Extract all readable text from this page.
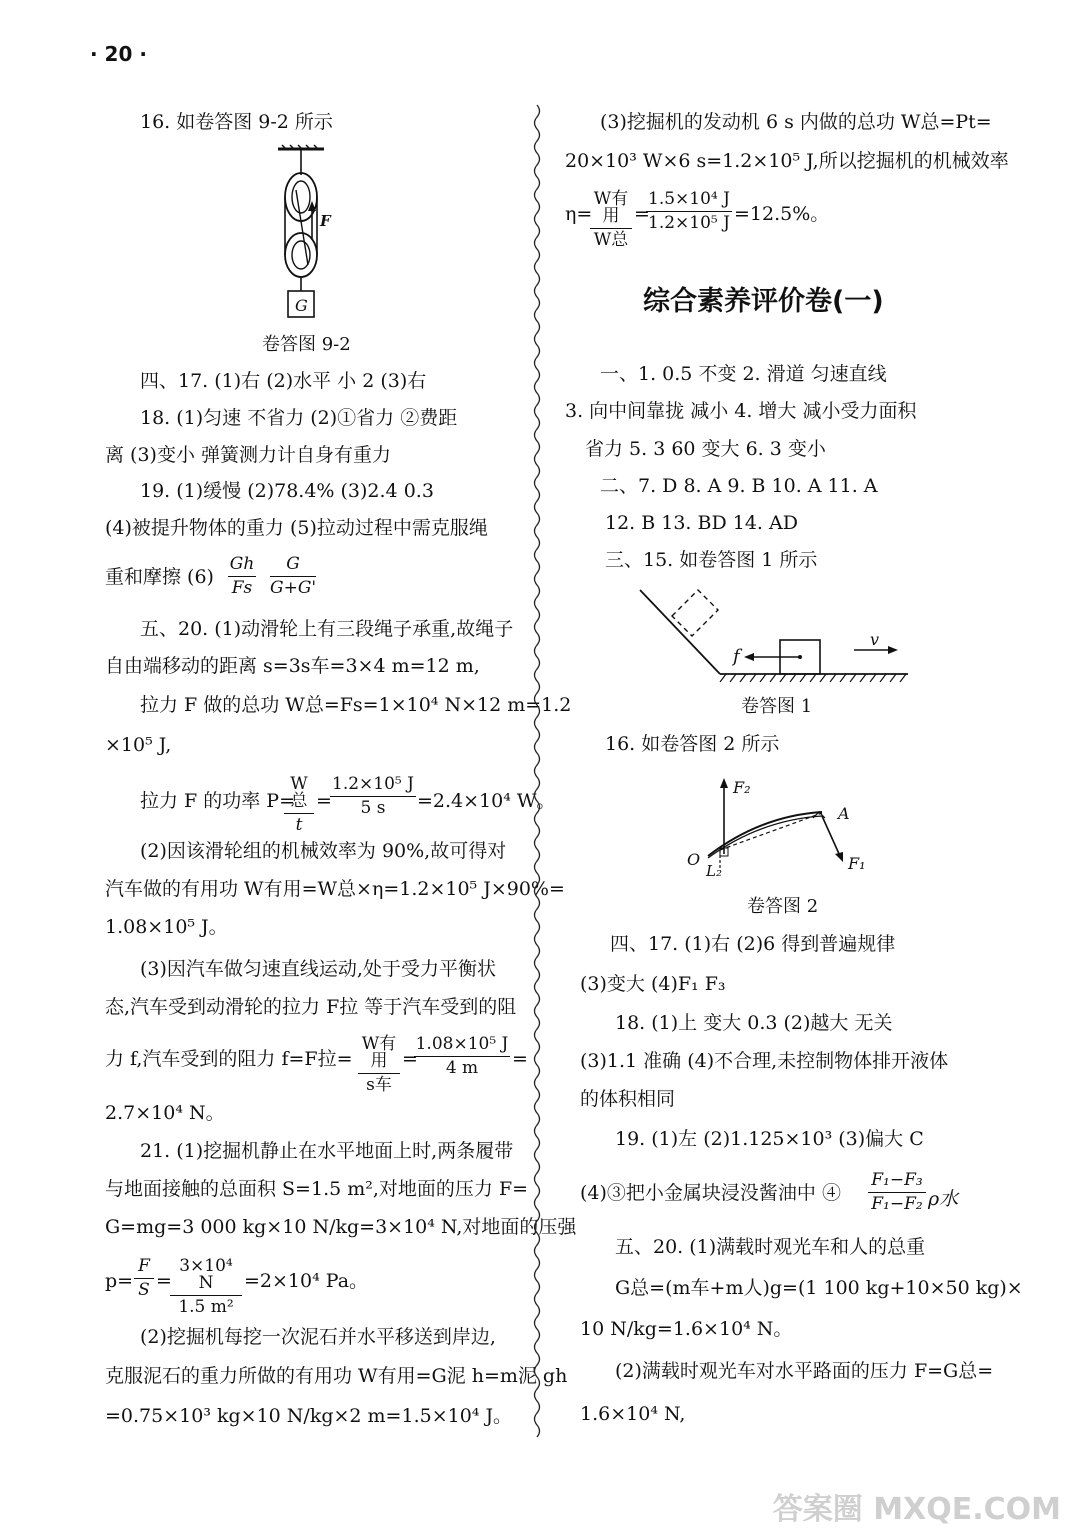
· 20 ·
16. 如卷答图 9-2 所示
F
G
卷答图 9-2
四、17. (1)右 (2)水平 小 2 (3)右
18. (1)匀速 不省力 (2)①省力 ②费距
离 (3)变小 弹簧测力计自身有重力
19. (1)缓慢 (2)78.4% (3)2.4 0.3
(4)被提升物体的重力 (5)拉动过程中需克服绳
重和摩擦 (6)
Gh
Fs
G
G+G'
五、20. (1)动滑轮上有三段绳子承重,故绳子
自由端移动的距离 s=3s车=3×4 m=12 m,
拉力 F 做的总功 W总=Fs=1×10⁴ N×12 m=1.2
×10⁵ J,
拉力 F 的功率 P=
W总
t
=
1.2×10⁵ J
5 s	=2.4×10⁴ W。
(2)因该滑轮组的机械效率为 90%,故可得对
汽车做的有用功 W有用=W总×η=1.2×10⁵ J×90%=
1.08×10⁵ J。
(3)因汽车做匀速直线运动,处于受力平衡状
态,汽车受到动滑轮的拉力 F拉 等于汽车受到的阻
力 f,汽车受到的阻力 f=F拉=
W有用
s车
=
1.08×10⁵ J
4 m	=
2.7×10⁴ N。
21. (1)挖掘机静止在水平地面上时,两条履带
与地面接触的总面积 S=1.5 m²,对地面的压力 F=
G=mg=3 000 kg×10 N/kg=3×10⁴ N,对地面的压强
p=
F
S =
3×10⁴ N
1.5 m²
=2×10⁴ Pa。
(2)挖掘机每挖一次泥石并水平移送到岸边,
克服泥石的重力所做的有用功 W有用=G泥 h=m泥 gh
=0.75×10³ kg×10 N/kg×2 m=1.5×10⁴ J。
(3)挖掘机的发动机 6 s 内做的总功 W总=Pt=
20×10³ W×6 s=1.2×10⁵ J,所以挖掘机的机械效率
η=
W有用
W总
=
1.5×10⁴ J
1.2×10⁵ J =12.5%。
综合素养评价卷(一)
一、1. 0.5 不变 2. 滑道 匀速直线
3. 向中间靠拢 减小 4. 增大 减小受力面积
省力 5. 3 60 变大 6. 3 变小
二、7. D 8. A 9. B 10. A 11. A
12. B 13. BD 14. AD
三、15. 如卷答图 1 所示
f
v
卷答图 1
16. 如卷答图 2 所示
F₂
A
O
L₂	F₁
卷答图 2
四、17. (1)右 (2)6 得到普遍规律
(3)变大 (4)F₁ F₃
18. (1)上 变大 0.3 (2)越大 无关
(3)1.1 准确 (4)不合理,未控制物体排开液体
的体积相同
19. (1)左 (2)1.125×10³ (3)偏大 C
(4)③把小金属块浸没酱油中 ④
F₁−F₃
F₁−F₂ ρ水
五、20. (1)满载时观光车和人的总重
G总=(m车+m人)g=(1 100 kg+10×50 kg)×
10 N/kg=1.6×10⁴ N。
(2)满载时观光车对水平路面的压力 F=G总=
1.6×10⁴ N,
答案圈 MXQE.COM
